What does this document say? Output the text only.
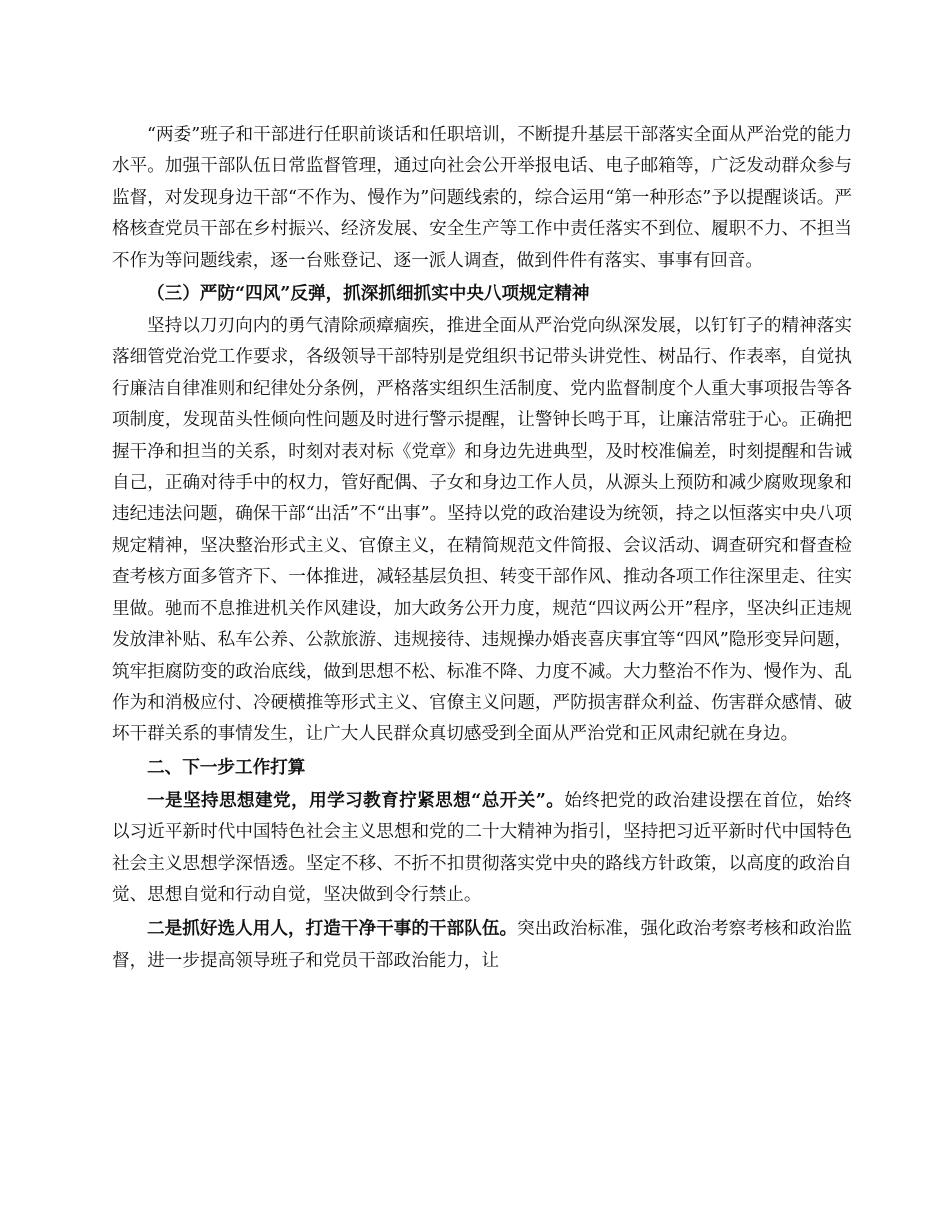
“两委”班子和干部进行任职前谈话和任职培训，不断提升基层干部落实全面从严治党的能力水平。加强干部队伍日常监督管理，通过向社会公开举报电话、电子邮箱等，广泛发动群众参与监督，对发现身边干部“不作为、慢作为”问题线索的，综合运用“第一种形态”予以提醒谈话。严格核查党员干部在乡村振兴、经济发展、安全生产等工作中责任落实不到位、履职不力、不担当不作为等问题线索，逐一台账登记、逐一派人调查，做到件件有落实、事事有回音。

（三）严防“四风”反弹，抓深抓细抓实中央八项规定精神

坚持以刀刃向内的勇气清除顽瘴痼疾，推进全面从严治党向纵深发展，以钉钉子的精神落实落细管党治党工作要求，各级领导干部特别是党组织书记带头讲党性、树品行、作表率，自觉执行廉洁自律准则和纪律处分条例，严格落实组织生活制度、党内监督制度个人重大事项报告等各项制度，发现苗头性倾向性问题及时进行警示提醒，让警钟长鸣于耳，让廉洁常驻于心。正确把握干净和担当的关系，时刻对表对标《党章》和身边先进典型，及时校准偏差，时刻提醒和告诫自己，正确对待手中的权力，管好配偶、子女和身边工作人员，从源头上预防和减少腐败现象和违纪违法问题，确保干部“出活”不“出事”。坚持以党的政治建设为统领，持之以恒落实中央八项规定精神，坚决整治形式主义、官僚主义，在精简规范文件简报、会议活动、调查研究和督查检查考核方面多管齐下、一体推进，减轻基层负担、转变干部作风、推动各项工作往深里走、往实里做。驰而不息推进机关作风建设，加大政务公开力度，规范“四议两公开”程序，坚决纠正违规发放津补贴、私车公养、公款旅游、违规接待、违规操办婚丧喜庆事宜等“四风”隐形变异问题，筑牢拒腐防变的政治底线，做到思想不松、标准不降、力度不减。大力整治不作为、慢作为、乱作为和消极应付、冷硬横推等形式主义、官僚主义问题，严防损害群众利益、伤害群众感情、破坏干群关系的事情发生，让广大人民群众真切感受到全面从严治党和正风肃纪就在身边。

二、下一步工作打算

一是坚持思想建党，用学习教育拧紧思想“总开关”。始终把党的政治建设摆在首位，始终以习近平新时代中国特色社会主义思想和党的二十大精神为指引，坚持把习近平新时代中国特色社会主义思想学深悟透。坚定不移、不折不扣贯彻落实党中央的路线方针政策，以高度的政治自觉、思想自觉和行动自觉，坚决做到令行禁止。

二是抓好选人用人，打造干净干事的干部队伍。突出政治标准，强化政治考察考核和政治监督，进一步提高领导班子和党员干部政治能力，让
